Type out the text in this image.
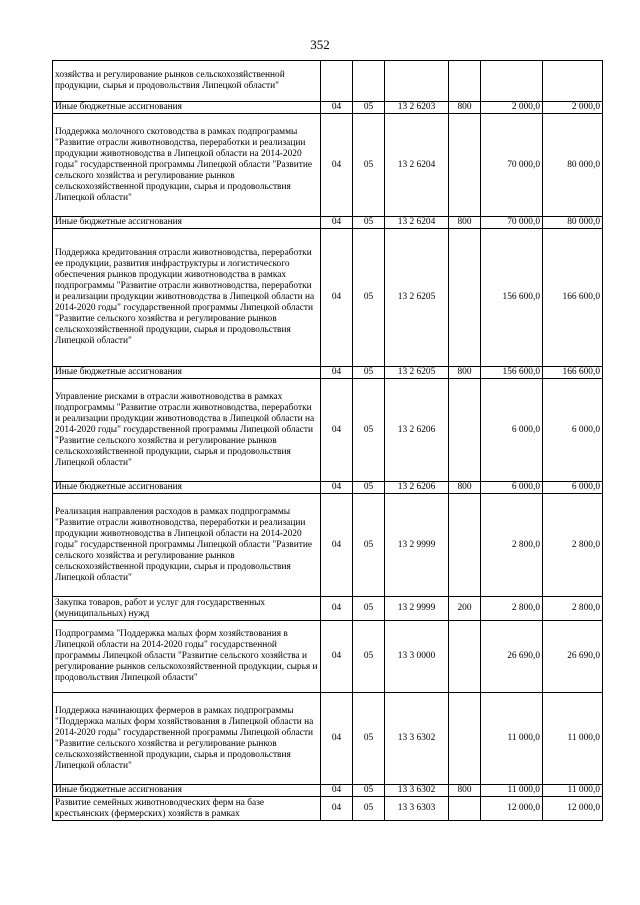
352
хозяйства и регулирование рынков сельскохозяйственной продукции, сырья и продовольствия Липецкой области"						
Иные бюджетные ассигнования	04	05	13 2 6203	800	2 000,0	2 000,0
Поддержка молочного скотоводства в рамках подпрограммы "Развитие отрасли животноводства, переработки и реализации продукции животноводства в Липецкой области на 2014-2020 годы" государственной программы Липецкой области "Развитие сельского хозяйства и регулирование рынков сельскохозяйственной продукции, сырья и продовольствия Липецкой области"	04	05	13 2 6204		70 000,0	80 000,0
Иные бюджетные ассигнования	04	05	13 2 6204	800	70 000,0	80 000,0
Поддержка кредитования отрасли животноводства, переработки ее продукции, развития инфраструктуры и логистического обеспечения рынков продукции животноводства в рамках подпрограммы "Развитие отрасли животноводства, переработки и реализации продукции животноводства в Липецкой области на 2014-2020 годы" государственной программы Липецкой области "Развитие сельского хозяйства и регулирование рынков сельскохозяйственной продукции, сырья и продовольствия Липецкой области"	04	05	13 2 6205		156 600,0	166 600,0
Иные бюджетные ассигнования	04	05	13 2 6205	800	156 600,0	166 600,0
Управление рисками в отрасли животноводства в рамках подпрограммы "Развитие отрасли животноводства, переработки и реализации продукции животноводства в Липецкой области на 2014-2020 годы" государственной программы Липецкой области "Развитие сельского хозяйства и регулирование рынков сельскохозяйственной продукции, сырья и продовольствия Липецкой области"	04	05	13 2 6206		6 000,0	6 000,0
Иные бюджетные ассигнования	04	05	13 2 6206	800	6 000,0	6 000,0
Реализация направления расходов в рамках подпрограммы "Развитие отрасли животноводства, переработки и реализации продукции животноводства в Липецкой области на 2014-2020 годы" государственной программы Липецкой области "Развитие сельского хозяйства и регулирование рынков сельскохозяйственной продукции, сырья и продовольствия Липецкой области"	04	05	13 2 9999		2 800,0	2 800,0
Закупка товаров, работ и услуг для государственных (муниципальных) нужд	04	05	13 2 9999	200	2 800,0	2 800,0
Подпрограмма "Поддержка малых форм хозяйствования в Липецкой области на 2014-2020 годы" государственной программы Липецкой области "Развитие сельского хозяйства и регулирование рынков сельскохозяйственной продукции, сырья и продовольствия Липецкой области"	04	05	13 3 0000		26 690,0	26 690,0
Поддержка начинающих фермеров в рамках подпрограммы "Поддержка малых форм хозяйствования в Липецкой области на 2014-2020 годы" государственной программы Липецкой области "Развитие сельского хозяйства и регулирование рынков сельскохозяйственной продукции, сырья и продовольствия Липецкой области"	04	05	13 3 6302		11 000,0	11 000,0
Иные бюджетные ассигнования	04	05	13 3 6302	800	11 000,0	11 000,0
Развитие семейных животноводческих ферм на базе крестьянских (фермерских) хозяйств в рамках	04	05	13 3 6303		12 000,0	12 000,0
